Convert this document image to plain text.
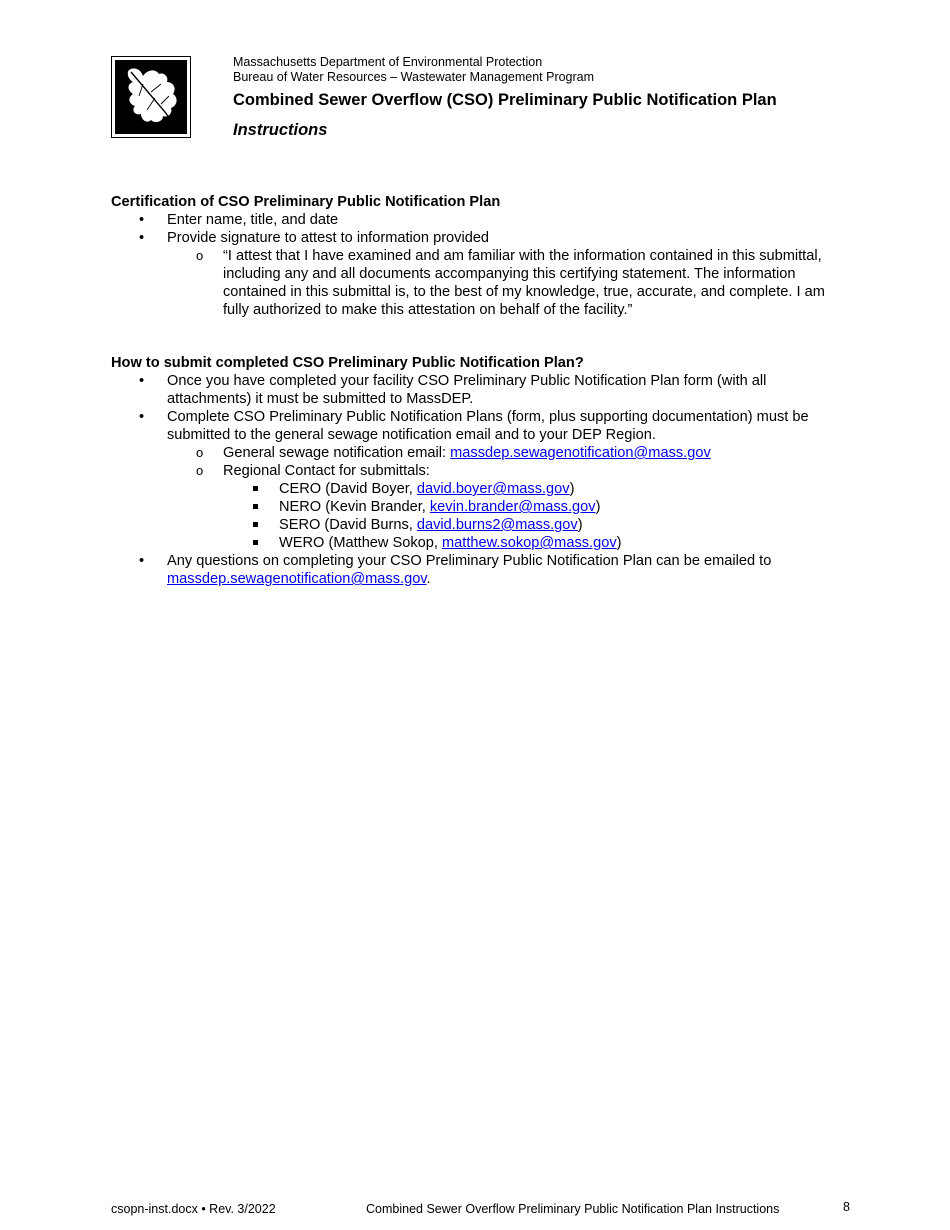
Massachusetts Department of Environmental Protection
Bureau of Water Resources – Wastewater Management Program
Combined Sewer Overflow (CSO) Preliminary Public Notification Plan
Instructions
Certification of CSO Preliminary Public Notification Plan
• Enter name, title, and date
• Provide signature to attest to information provided
o “I attest that I have examined and am familiar with the information contained in this submittal, including any and all documents accompanying this certifying statement. The information contained in this submittal is, to the best of my knowledge, true, accurate, and complete. I am fully authorized to make this attestation on behalf of the facility.”
How to submit completed CSO Preliminary Public Notification Plan?
• Once you have completed your facility CSO Preliminary Public Notification Plan form (with all attachments) it must be submitted to MassDEP.
• Complete CSO Preliminary Public Notification Plans (form, plus supporting documentation) must be submitted to the general sewage notification email and to your DEP Region.
o General sewage notification email: massdep.sewagenotification@mass.gov
o Regional Contact for submittals:
CERO (David Boyer, david.boyer@mass.gov)
NERO (Kevin Brander, kevin.brander@mass.gov)
SERO (David Burns, david.burns2@mass.gov)
WERO (Matthew Sokop, matthew.sokop@mass.gov)
• Any questions on completing your CSO Preliminary Public Notification Plan can be emailed to massdep.sewagenotification@mass.gov.
csopn-inst.docx • Rev. 3/2022	Combined Sewer Overflow Preliminary Public Notification Plan Instructions	8
